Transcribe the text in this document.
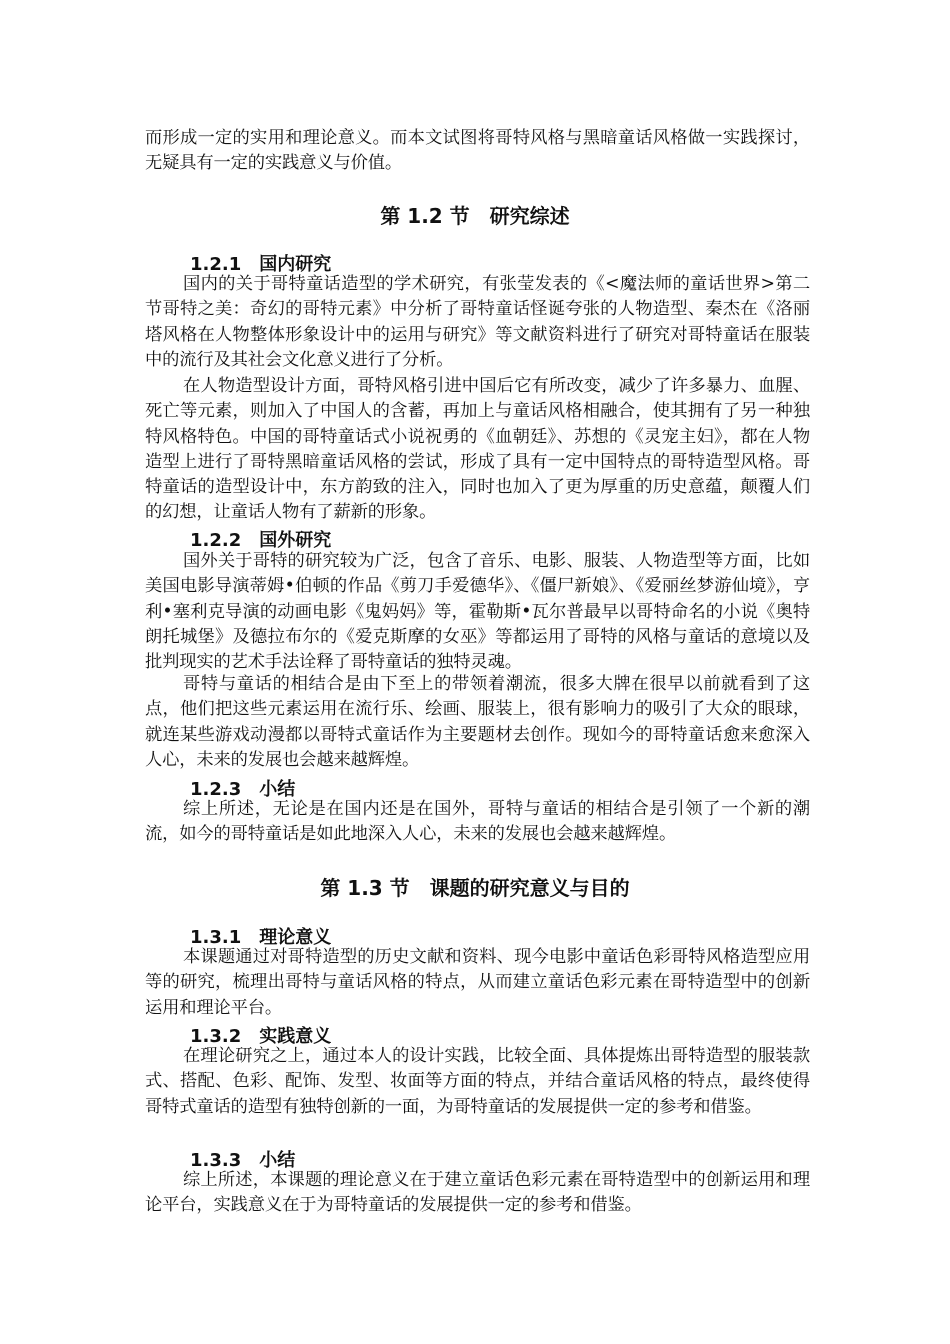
而形成一定的实用和理论意义。而本文试图将哥特风格与黑暗童话风格做一实践探讨，无疑具有一定的实践意义与价值。

第 1.2 节　研究综述
1.2.1　国内研究

国内的关于哥特童话造型的学术研究，有张莹发表的《<魔法师的童话世界>第二节哥特之美：奇幻的哥特元素》中分析了哥特童话怪诞夸张的人物造型、秦杰在《洛丽塔风格在人物整体形象设计中的运用与研究》等文献资料进行了研究对哥特童话在服装中的流行及其社会文化意义进行了分析。

在人物造型设计方面，哥特风格引进中国后它有所改变，减少了许多暴力、血腥、死亡等元素，则加入了中国人的含蓄，再加上与童话风格相融合，使其拥有了另一种独特风格特色。中国的哥特童话式小说祝勇的《血朝廷》、苏想的《灵宠主妇》，都在人物造型上进行了哥特黑暗童话风格的尝试，形成了具有一定中国特点的哥特造型风格。哥特童话的造型设计中，东方韵致的注入，同时也加入了更为厚重的历史意蕴，颠覆人们的幻想，让童话人物有了薪新的形象。

1.2.2　国外研究

国外关于哥特的研究较为广泛，包含了音乐、电影、服装、人物造型等方面，比如美国电影导演蒂姆•伯顿的作品《剪刀手爱德华》、《僵尸新娘》、《爱丽丝梦游仙境》，亨利•塞利克导演的动画电影《鬼妈妈》等，霍勒斯•瓦尔普最早以哥特命名的小说《奥特朗托城堡》及德拉布尔的《爱克斯摩的女巫》等都运用了哥特的风格与童话的意境以及批判现实的艺术手法诠释了哥特童话的独特灵魂。

哥特与童话的相结合是由下至上的带领着潮流，很多大牌在很早以前就看到了这点，他们把这些元素运用在流行乐、绘画、服装上，很有影响力的吸引了大众的眼球，就连某些游戏动漫都以哥特式童话作为主要题材去创作。现如今的哥特童话愈来愈深入人心，未来的发展也会越来越辉煌。

1.2.3　小结

综上所述，无论是在国内还是在国外，哥特与童话的相结合是引领了一个新的潮流，如今的哥特童话是如此地深入人心，未来的发展也会越来越辉煌。

第 1.3 节　课题的研究意义与目的
1.3.1　理论意义

本课题通过对哥特造型的历史文献和资料、现今电影中童话色彩哥特风格造型应用等的研究，梳理出哥特与童话风格的特点，从而建立童话色彩元素在哥特造型中的创新运用和理论平台。

1.3.2　实践意义

在理论研究之上，通过本人的设计实践，比较全面、具体提炼出哥特造型的服装款式、搭配、色彩、配饰、发型、妆面等方面的特点，并结合童话风格的特点，最终使得哥特式童话的造型有独特创新的一面，为哥特童话的发展提供一定的参考和借鉴。

1.3.3　小结

综上所述，本课题的理论意义在于建立童话色彩元素在哥特造型中的创新运用和理论平台，实践意义在于为哥特童话的发展提供一定的参考和借鉴。
